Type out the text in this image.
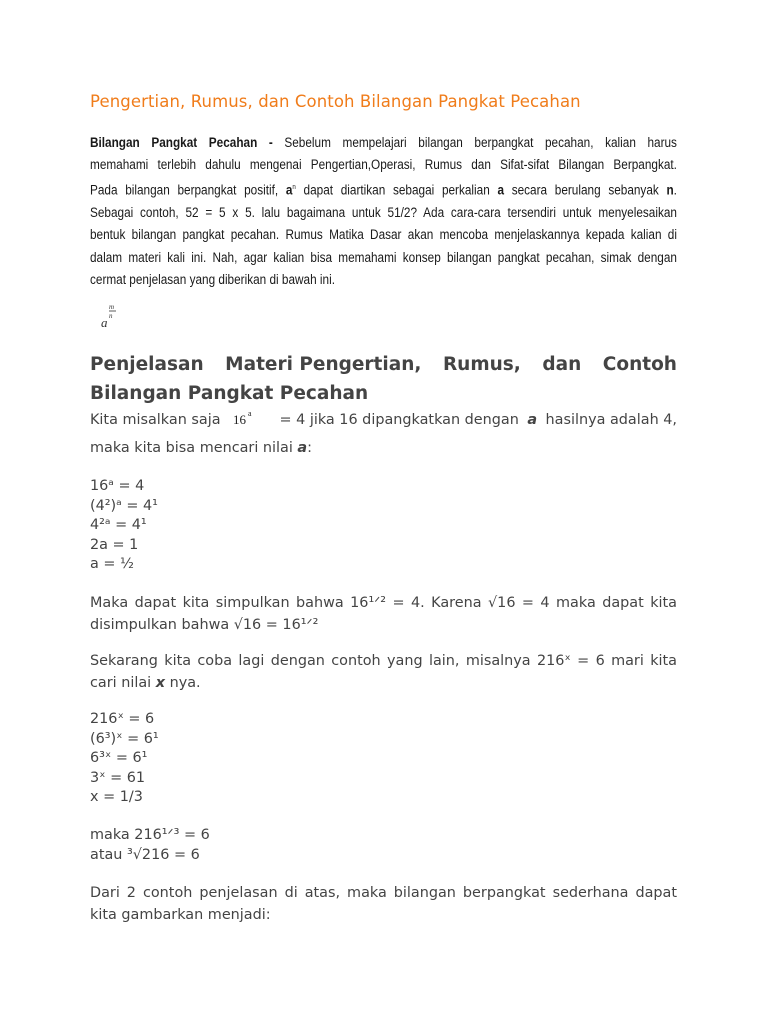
Pengertian, Rumus, dan Contoh Bilangan Pangkat Pecahan
Bilangan Pangkat Pecahan - Sebelum mempelajari bilangan berpangkat pecahan, kalian harus
memahami terlebih dahulu mengenai Pengertian,Operasi, Rumus dan Sifat-sifat Bilangan Berpangkat.
Pada bilangan berpangkat positif, $a^n$ dapat diartikan sebagai perkalian a secara berulang sebanyak n.
Sebagai contoh, 52 = 5 x 5. lalu bagaimana untuk 51/2? Ada cara-cara tersendiri untuk menyelesaikan
bentuk bilangan pangkat pecahan. Rumus Matika Dasar akan mencoba menjelaskannya kepada kalian di
dalam materi kali ini. Nah, agar kalian bisa memahami konsep bilangan pangkat pecahan, simak dengan
cermat penjelasan yang diberikan di bawah ini.
a
m
n
Penjelasan Materi Pengertian, Rumus, dan Contoh
Bilangan Pangkat Pecahan
Kita misalkan saja 16 a = 4 jika 16 dipangkatkan dengan a hasilnya adalah 4,
maka kita bisa mencari nilai a:
16ᵃ = 4
(4²)ᵃ = 4¹
4²ᵃ = 4¹
2a = 1
a = ½
Maka dapat kita simpulkan bahwa 16¹ᐟ² = 4. Karena √16 = 4 maka dapat kita
disimpulkan bahwa √16 = 16¹ᐟ²
Sekarang kita coba lagi dengan contoh yang lain, misalnya 216ˣ = 6 mari kita
cari nilai x nya.
216ˣ = 6
(6³)ˣ = 6¹
6³ˣ = 6¹
3ˣ = 61
x = 1/3
maka 216¹ᐟ³ = 6
atau ³√216 = 6
Dari 2 contoh penjelasan di atas, maka bilangan berpangkat sederhana dapat
kita gambarkan menjadi:
